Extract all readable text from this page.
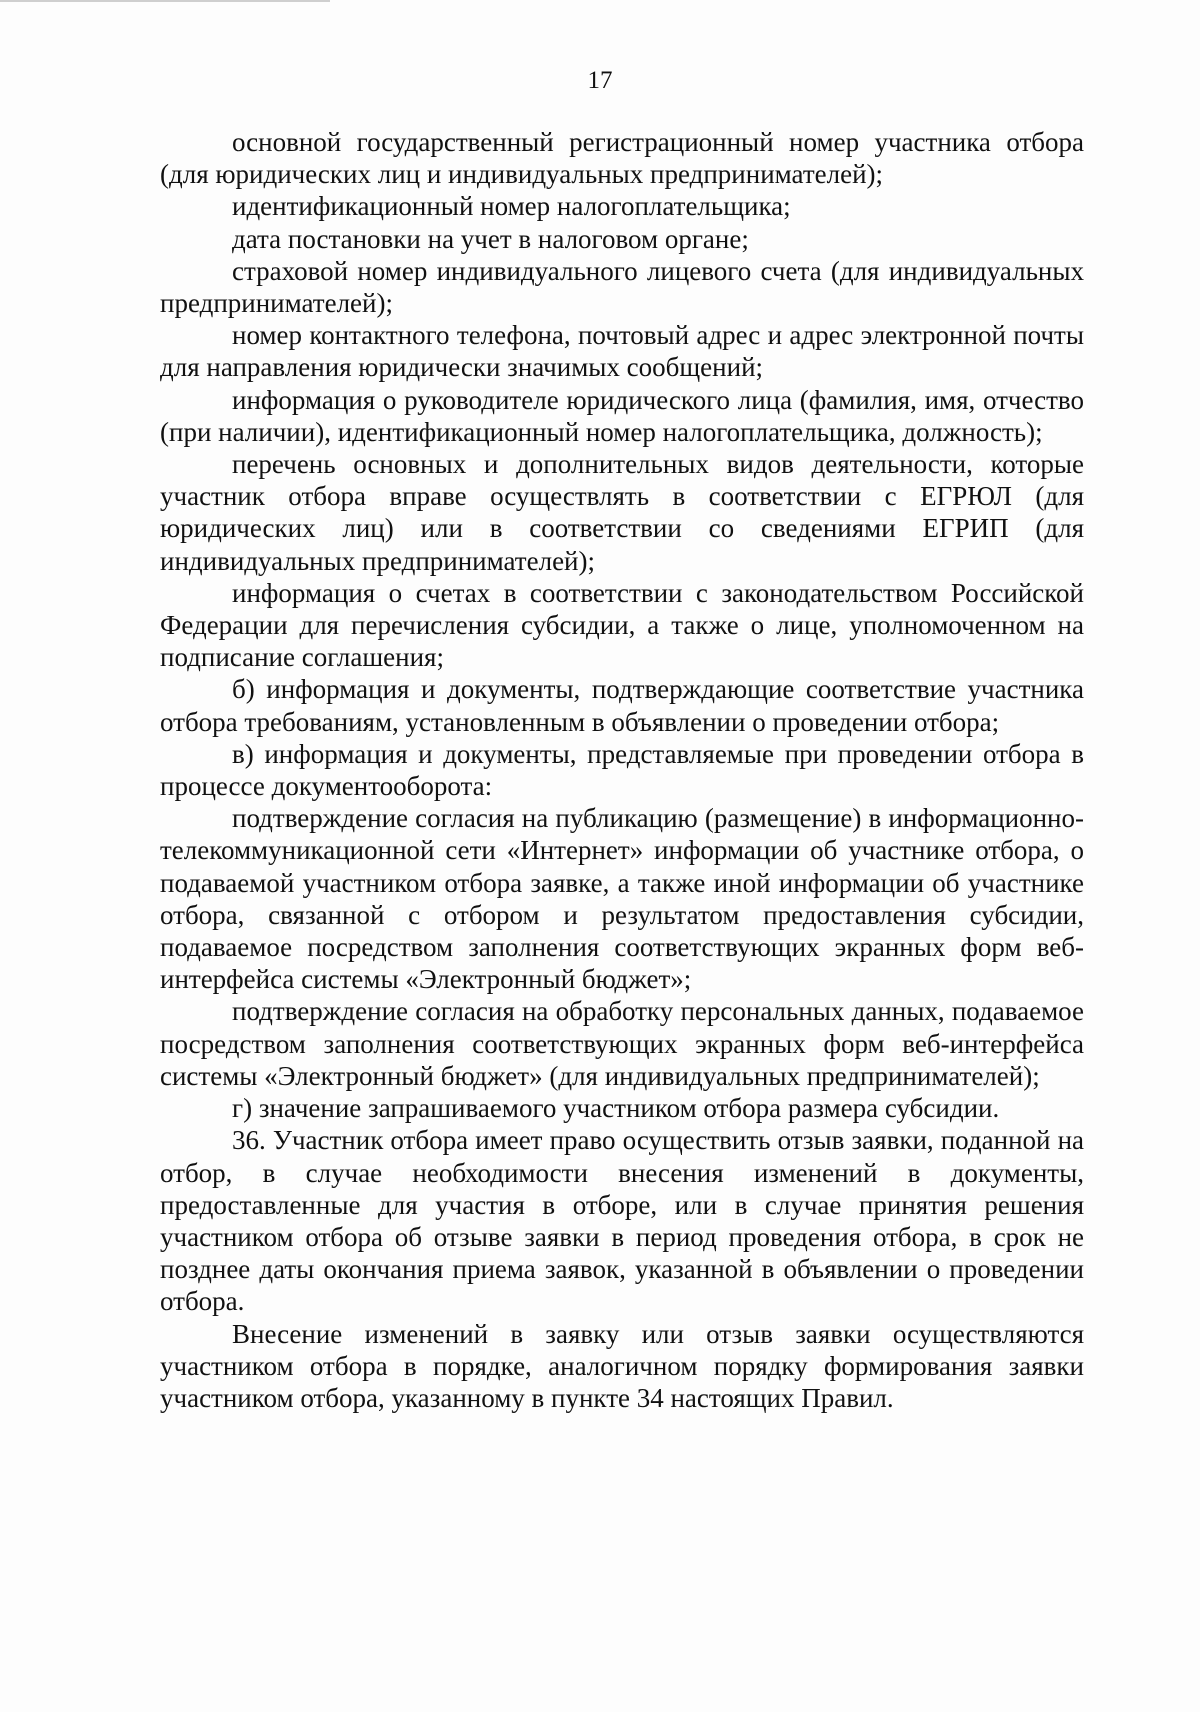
17

основной государственный регистрационный номер участника отбора (для юридических лиц и индивидуальных предпринимателей);

идентификационный номер налогоплательщика;

дата постановки на учет в налоговом органе;

страховой номер индивидуального лицевого счета (для индивидуальных предпринимателей);

номер контактного телефона, почтовый адрес и адрес электронной почты для направления юридически значимых сообщений;

информация о руководителе юридического лица (фамилия, имя, отчество (при наличии), идентификационный номер налогоплательщика, должность);

перечень основных и дополнительных видов деятельности, которые участник отбора вправе осуществлять в соответствии с ЕГРЮЛ (для юридических лиц) или в соответствии со сведениями ЕГРИП (для индивидуальных предпринимателей);

информация о счетах в соответствии с законодательством Российской Федерации для перечисления субсидии, а также о лице, уполномоченном на подписание соглашения;

б) информация и документы, подтверждающие соответствие участника отбора требованиям, установленным в объявлении о проведении отбора;

в) информация и документы, представляемые при проведении отбора в процессе документооборота:

подтверждение согласия на публикацию (размещение) в информационно-телекоммуникационной сети «Интернет» информации об участнике отбора, о подаваемой участником отбора заявке, а также иной информации об участнике отбора, связанной с отбором и результатом предоставления субсидии, подаваемое посредством заполнения соответствующих экранных форм веб-интерфейса системы «Электронный бюджет»;

подтверждение согласия на обработку персональных данных, подаваемое посредством заполнения соответствующих экранных форм веб-интерфейса системы «Электронный бюджет» (для индивидуальных предпринимателей);

г) значение запрашиваемого участником отбора размера субсидии.

36. Участник отбора имеет право осуществить отзыв заявки, поданной на отбор, в случае необходимости внесения изменений в документы, предоставленные для участия в отборе, или в случае принятия решения участником отбора об отзыве заявки в период проведения отбора, в срок не позднее даты окончания приема заявок, указанной в объявлении о проведении отбора.

Внесение изменений в заявку или отзыв заявки осуществляются участником отбора в порядке, аналогичном порядку формирования заявки участником отбора, указанному в пункте 34 настоящих Правил.
